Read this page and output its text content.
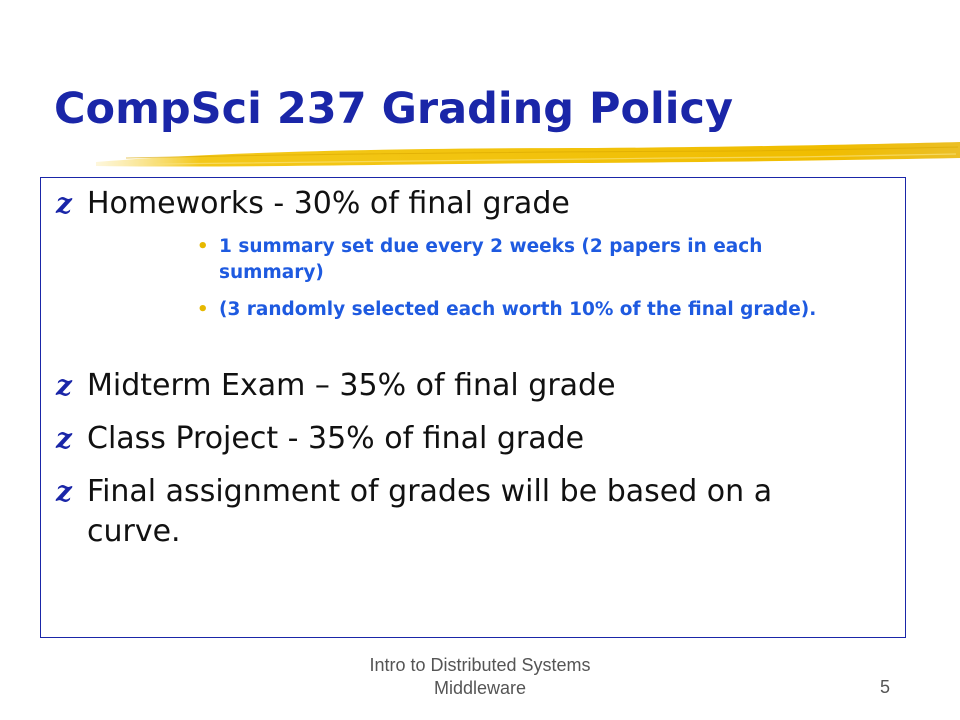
CompSci 237 Grading Policy
z Homeworks - 30% of final grade
• 1 summary set due every 2 weeks (2 papers in each summary)
• (3 randomly selected each worth 10% of the final grade).
z Midterm Exam – 35% of final grade
z Class Project - 35% of final grade
z Final assignment of grades will be based on a curve.
Intro to Distributed Systems
Middleware	5
